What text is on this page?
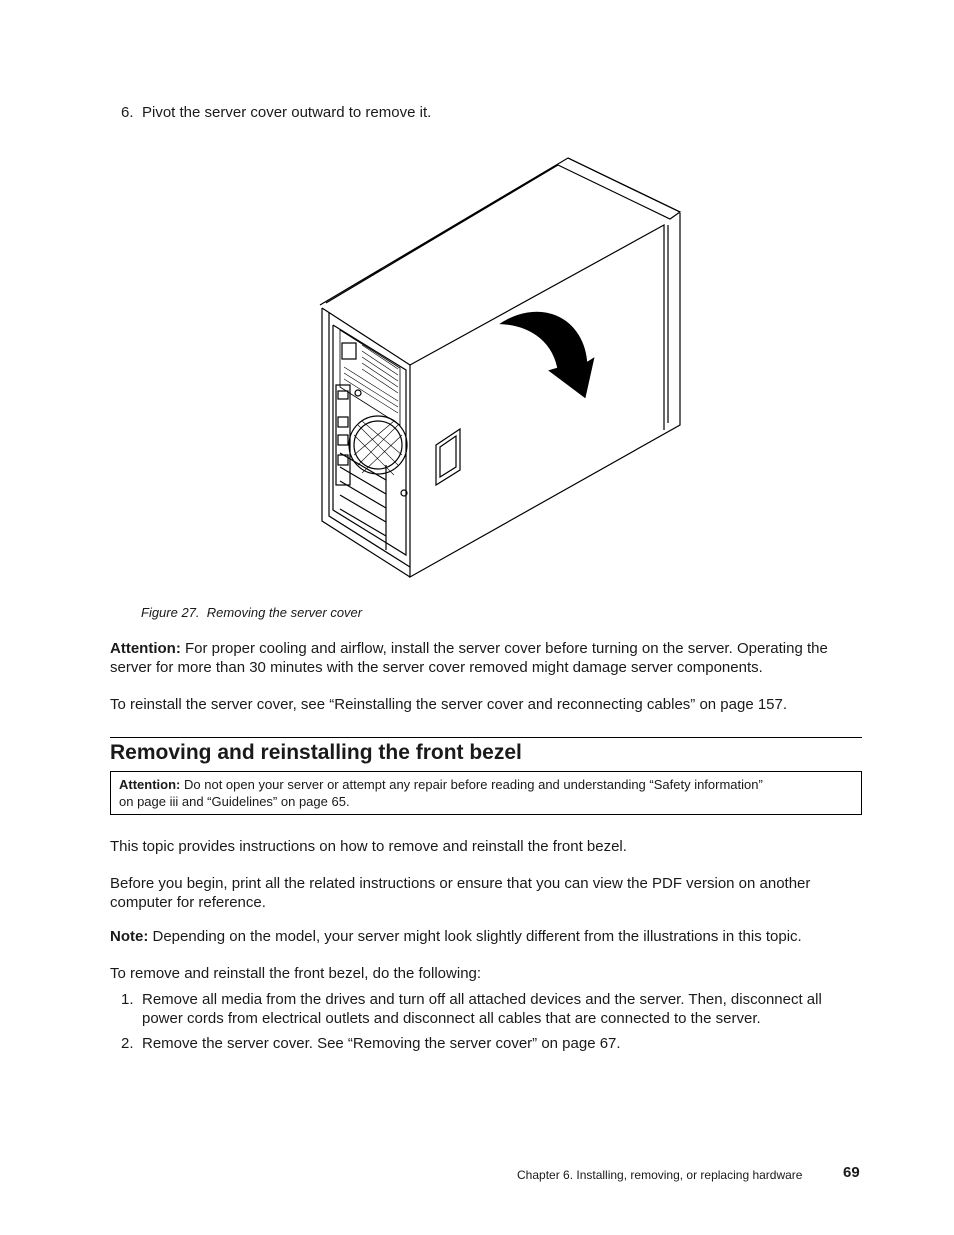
6. Pivot the server cover outward to remove it.
Figure 27. Removing the server cover

Attention: For proper cooling and airflow, install the server cover before turning on the server. Operating the

server for more than 30 minutes with the server cover removed might damage server components.

To reinstall the server cover, see “Reinstalling the server cover and reconnecting cables” on page 157.

Removing and reinstalling the front bezel

Attention: Do not open your server or attempt any repair before reading and understanding “Safety information”

on page iii and “Guidelines” on page 65.

This topic provides instructions on how to remove and reinstall the front bezel.

Before you begin, print all the related instructions or ensure that you can view the PDF version on another

computer for reference.

Note: Depending on the model, your server might look slightly different from the illustrations in this topic.

To remove and reinstall the front bezel, do the following:

1. Remove all media from the drives and turn off all attached devices and the server. Then, disconnect all

power cords from electrical outlets and disconnect all cables that are connected to the server.

2. Remove the server cover. See “Removing the server cover” on page 67.

Chapter 6. Installing, removing, or replacing hardware	69
